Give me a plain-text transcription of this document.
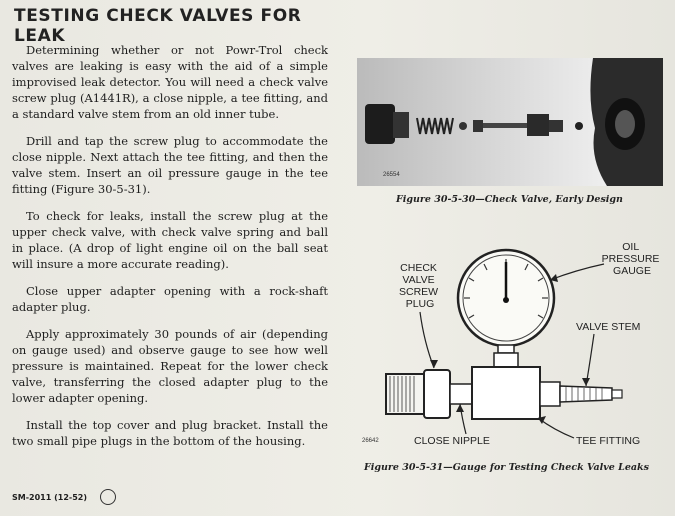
TESTING CHECK VALVES FOR LEAK

Determining whether or not Powr-Trol check valves are leaking is easy with the aid of a simple improvised leak detector. You will need a check valve screw plug (A1441R), a close nipple, a tee fitting, and a standard valve stem from an old inner tube.

Drill and tap the screw plug to accommodate the close nipple. Next attach the tee fitting, and then the valve stem. Insert an oil pressure gauge in the tee fitting (Figure 30-5-31).

To check for leaks, install the screw plug at the upper check valve, with check valve spring and ball in place. (A drop of light engine oil on the ball seat will insure a more accurate reading).

Close upper adapter opening with a rock-shaft adapter plug.

Apply approximately 30 pounds of air (depending on gauge used) and observe gauge to see how well pressure is maintained. Repeat for the lower check valve, transferring the closed adapter plug to the lower adapter opening.

Install the top cover and plug bracket. Install the two small pipe plugs in the bottom of the housing.

SM-2011 (12-52)
26554
Figure 30-5-30—Check Valve, Early Design
OIL PRESSURE GAUGE
CHECK VALVE SCREW PLUG
VALVE STEM
CLOSE NIPPLE	TEE FITTING
26642
Figure 30-5-31—Gauge for Testing Check Valve Leaks
